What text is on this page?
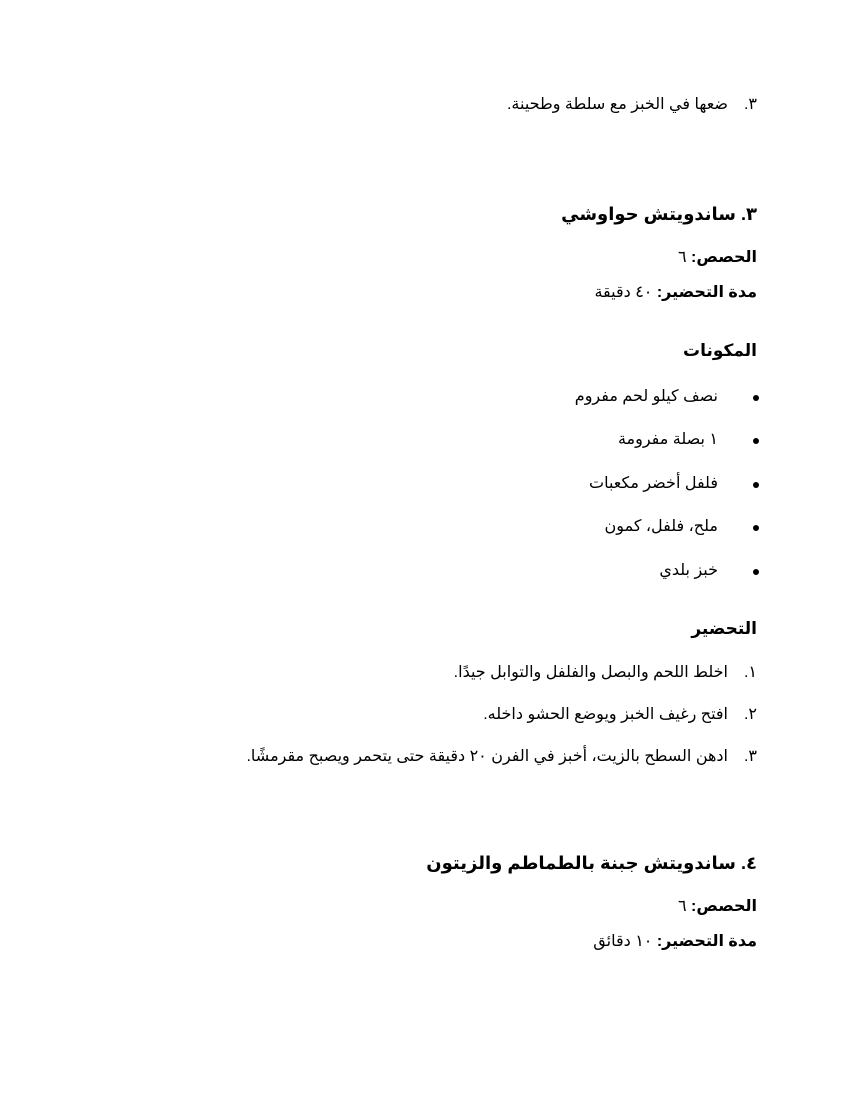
٣.
ضعها في الخبز مع سلطة وطحينة.
٣. ساندويتش حواوشي
الحصص: ٦
مدة التحضير: ٤٠ دقيقة
المكونات
نصف كيلو لحم مفروم
١ بصلة مفرومة
فلفل أخضر مكعبات
ملح، فلفل، كمون
خبز بلدي
التحضير
١.
اخلط اللحم والبصل والفلفل والتوابل جيدًا.
٢.
افتح رغيف الخبز ويوضع الحشو داخله.
٣.
ادهن السطح بالزيت، أخبز في الفرن ٢٠ دقيقة حتى يتحمر ويصبح مقرمشًا.
٤. ساندويتش جبنة بالطماطم والزيتون
الحصص: ٦
مدة التحضير: ١٠ دقائق
